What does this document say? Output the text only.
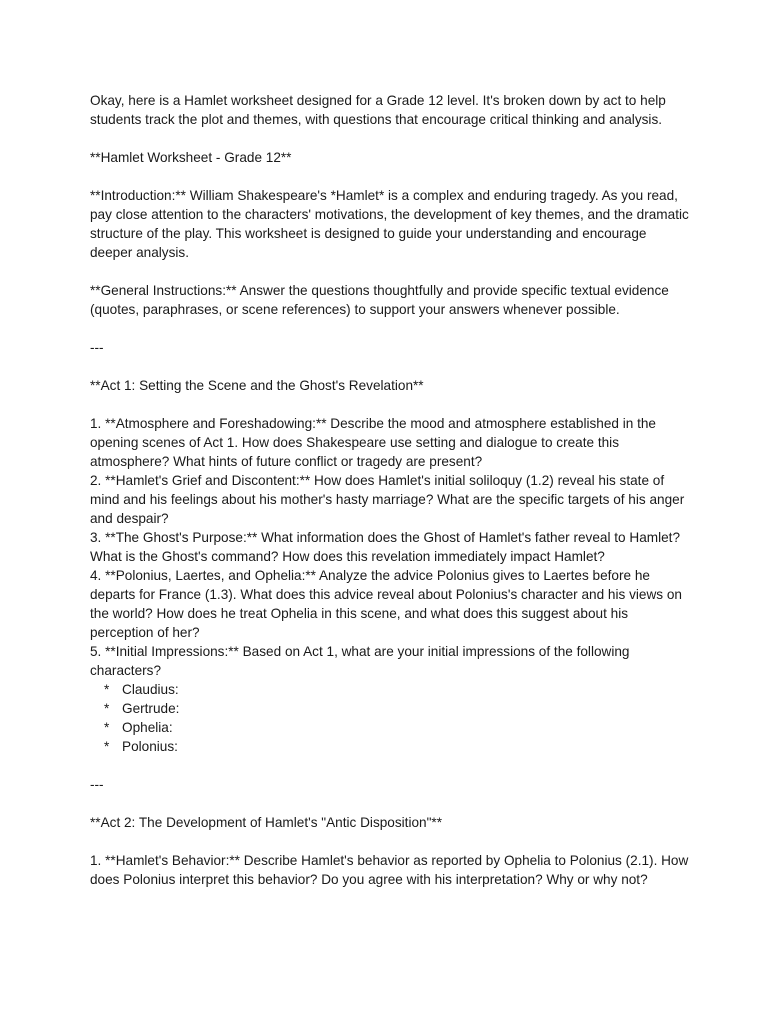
Okay, here is a Hamlet worksheet designed for a Grade 12 level. It's broken down by act to help students track the plot and themes, with questions that encourage critical thinking and analysis.

**Hamlet Worksheet - Grade 12**

**Introduction:** William Shakespeare's *Hamlet* is a complex and enduring tragedy. As you read, pay close attention to the characters' motivations, the development of key themes, and the dramatic structure of the play. This worksheet is designed to guide your understanding and encourage deeper analysis.

**General Instructions:** Answer the questions thoughtfully and provide specific textual evidence (quotes, paraphrases, or scene references) to support your answers whenever possible.

---

**Act 1: Setting the Scene and the Ghost's Revelation**

1. **Atmosphere and Foreshadowing:** Describe the mood and atmosphere established in the opening scenes of Act 1. How does Shakespeare use setting and dialogue to create this atmosphere? What hints of future conflict or tragedy are present?

2. **Hamlet's Grief and Discontent:** How does Hamlet's initial soliloquy (1.2) reveal his state of mind and his feelings about his mother's hasty marriage? What are the specific targets of his anger and despair?

3. **The Ghost's Purpose:** What information does the Ghost of Hamlet's father reveal to Hamlet? What is the Ghost's command? How does this revelation immediately impact Hamlet?

4. **Polonius, Laertes, and Ophelia:** Analyze the advice Polonius gives to Laertes before he departs for France (1.3). What does this advice reveal about Polonius's character and his views on the world? How does he treat Ophelia in this scene, and what does this suggest about his perception of her?

5. **Initial Impressions:** Based on Act 1, what are your initial impressions of the following characters?

* Claudius:
* Gertrude:
* Ophelia:
* Polonius:

---

**Act 2: The Development of Hamlet's "Antic Disposition"**

1. **Hamlet's Behavior:** Describe Hamlet's behavior as reported by Ophelia to Polonius (2.1). How does Polonius interpret this behavior? Do you agree with his interpretation? Why or why not?
